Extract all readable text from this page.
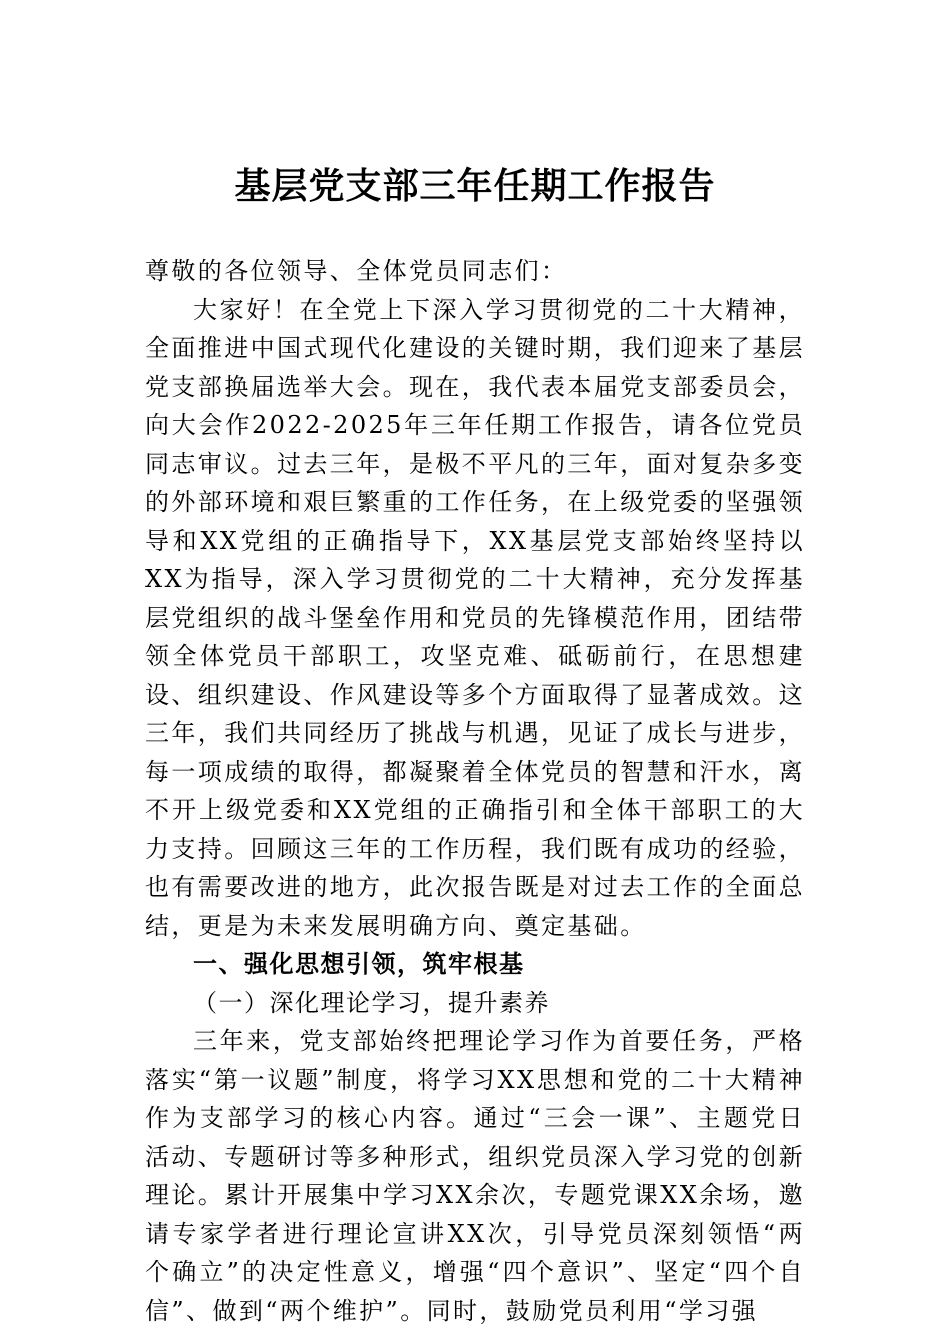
基层党支部三年任期工作报告

尊敬的各位领导、全体党员同志们：

大家好！在全党上下深入学习贯彻党的二十大精神，全面推进中国式现代化建设的关键时期，我们迎来了基层党支部换届选举大会。现在，我代表本届党支部委员会，向大会作2022-2025年三年任期工作报告，请各位党员同志审议。过去三年，是极不平凡的三年，面对复杂多变的外部环境和艰巨繁重的工作任务，在上级党委的坚强领导和XX党组的正确指导下，XX基层党支部始终坚持以XX为指导，深入学习贯彻党的二十大精神，充分发挥基层党组织的战斗堡垒作用和党员的先锋模范作用，团结带领全体党员干部职工，攻坚克难、砥砺前行，在思想建设、组织建设、作风建设等多个方面取得了显著成效。这三年，我们共同经历了挑战与机遇，见证了成长与进步，每一项成绩的取得，都凝聚着全体党员的智慧和汗水，离不开上级党委和XX党组的正确指引和全体干部职工的大力支持。回顾这三年的工作历程，我们既有成功的经验，也有需要改进的地方，此次报告既是对过去工作的全面总结，更是为未来发展明确方向、奠定基础。

一、强化思想引领，筑牢根基

（一）深化理论学习，提升素养

三年来，党支部始终把理论学习作为首要任务，严格落实“第一议题”制度，将学习XX思想和党的二十大精神作为支部学习的核心内容。通过“三会一课”、主题党日活动、专题研讨等多种形式，组织党员深入学习党的创新理论。累计开展集中学习XX余次，专题党课XX余场，邀请专家学者进行理论宣讲XX次，引导党员深刻领悟“两个确立”的决定性意义，增强“四个意识”、坚定“四个自信”、做到“两个维护”。同时，鼓励党员利用“学习强
